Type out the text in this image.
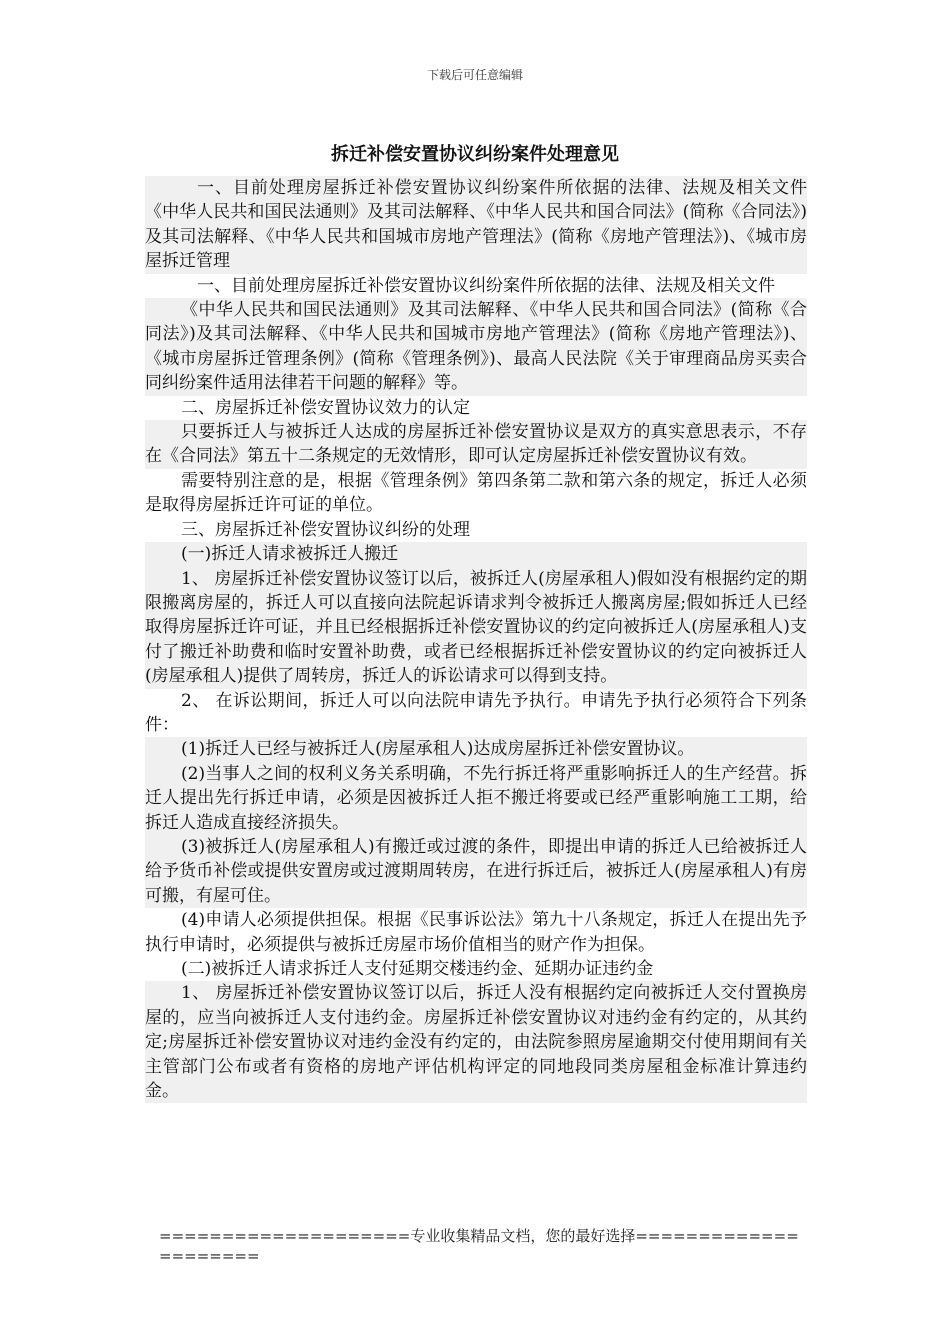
下载后可任意编辑
拆迁补偿安置协议纠纷案件处理意见

一、目前处理房屋拆迁补偿安置协议纠纷案件所依据的法律、法规及相关文件 《中华人民共和国民法通则》及其司法解释、《中华人民共和国合同法》(简称《合同法》)及其司法解释、《中华人民共和国城市房地产管理法》(简称《房地产管理法》)、《城市房屋拆迁管理

一、目前处理房屋拆迁补偿安置协议纠纷案件所依据的法律、法规及相关文件

《中华人民共和国民法通则》及其司法解释、《中华人民共和国合同法》(简称《合同法》)及其司法解释、《中华人民共和国城市房地产管理法》(简称《房地产管理法》)、《城市房屋拆迁管理条例》(简称《管理条例》)、最高人民法院《关于审理商品房买卖合同纠纷案件适用法律若干问题的解释》等。

二、房屋拆迁补偿安置协议效力的认定

只要拆迁人与被拆迁人达成的房屋拆迁补偿安置协议是双方的真实意思表示，不存在《合同法》第五十二条规定的无效情形，即可认定房屋拆迁补偿安置协议有效。

需要特别注意的是，根据《管理条例》第四条第二款和第六条的规定，拆迁人必须是取得房屋拆迁许可证的单位。

三、房屋拆迁补偿安置协议纠纷的处理

(一)拆迁人请求被拆迁人搬迁

1、 房屋拆迁补偿安置协议签订以后，被拆迁人(房屋承租人)假如没有根据约定的期限搬离房屋的，拆迁人可以直接向法院起诉请求判令被拆迁人搬离房屋;假如拆迁人已经取得房屋拆迁许可证，并且已经根据拆迁补偿安置协议的约定向被拆迁人(房屋承租人)支付了搬迁补助费和临时安置补助费，或者已经根据拆迁补偿安置协议的约定向被拆迁人(房屋承租人)提供了周转房，拆迁人的诉讼请求可以得到支持。

2、 在诉讼期间，拆迁人可以向法院申请先予执行。申请先予执行必须符合下列条件：

(1)拆迁人已经与被拆迁人(房屋承租人)达成房屋拆迁补偿安置协议。

(2)当事人之间的权利义务关系明确，不先行拆迁将严重影响拆迁人的生产经营。拆迁人提出先行拆迁申请，必须是因被拆迁人拒不搬迁将要或已经严重影响施工工期，给拆迁人造成直接经济损失。

(3)被拆迁人(房屋承租人)有搬迁或过渡的条件，即提出申请的拆迁人已给被拆迁人给予货币补偿或提供安置房或过渡期周转房，在进行拆迁后，被拆迁人(房屋承租人)有房可搬，有屋可住。

(4)申请人必须提供担保。根据《民事诉讼法》第九十八条规定，拆迁人在提出先予执行申请时，必须提供与被拆迁房屋市场价值相当的财产作为担保。

(二)被拆迁人请求拆迁人支付延期交楼违约金、延期办证违约金

1、 房屋拆迁补偿安置协议签订以后，拆迁人没有根据约定向被拆迁人交付置换房屋的，应当向被拆迁人支付违约金。房屋拆迁补偿安置协议对违约金有约定的，从其约定;房屋拆迁补偿安置协议对违约金没有约定的，由法院参照房屋逾期交付使用期间有关主管部门公布或者有资格的房地产评估机构评定的同地段同类房屋租金标准计算违约金。

====================专业收集精品文档，您的最好选择=====================
